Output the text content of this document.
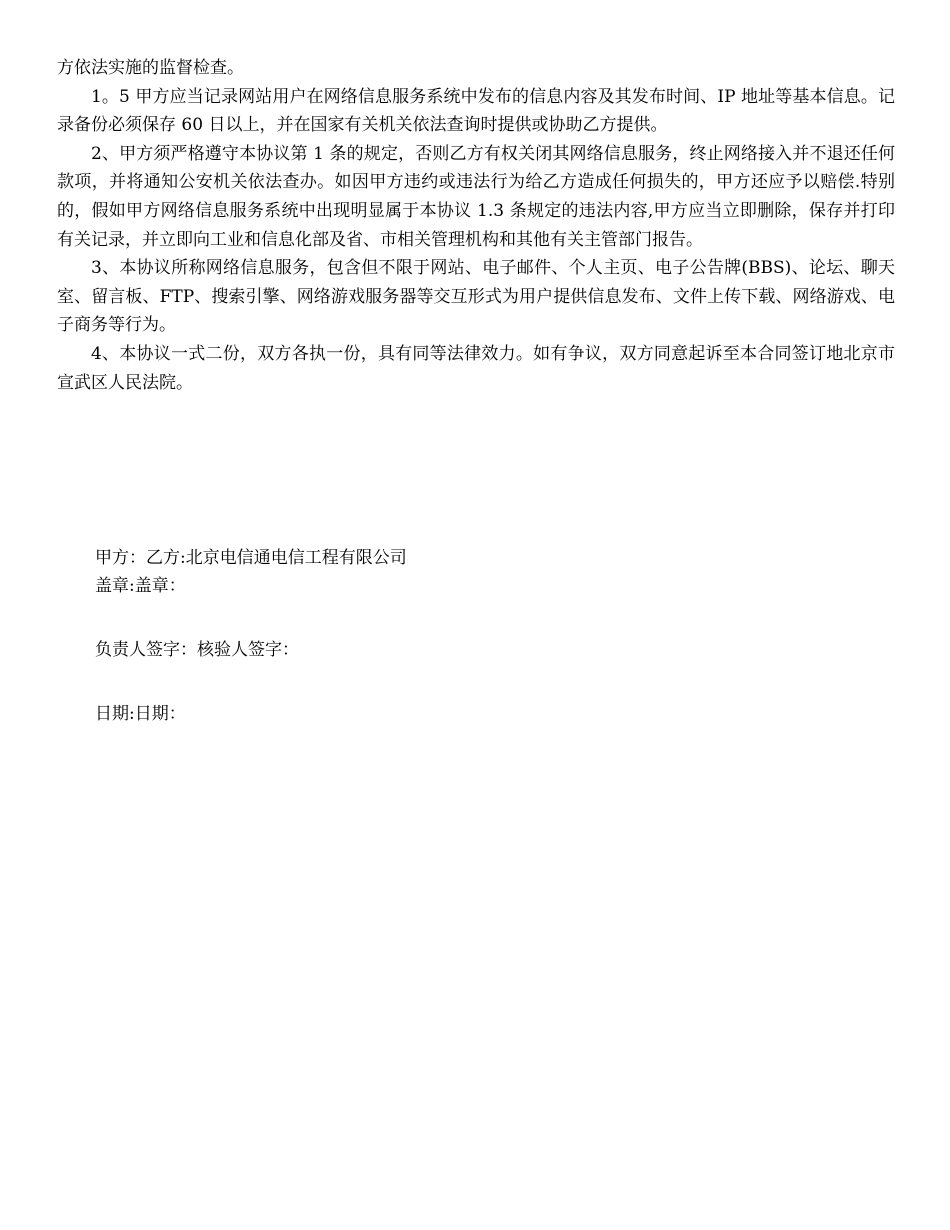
方依法实施的监督检查。

1。5 甲方应当记录网站用户在网络信息服务系统中发布的信息内容及其发布时间、IP 地址等基本信息。记录备份必须保存 60 日以上，并在国家有关机关依法查询时提供或协助乙方提供。

2、甲方须严格遵守本协议第 1 条的规定，否则乙方有权关闭其网络信息服务，终止网络接入并不退还任何款项，并将通知公安机关依法查办。如因甲方违约或违法行为给乙方造成任何损失的，甲方还应予以赔偿.特别的，假如甲方网络信息服务系统中出现明显属于本协议 1.3 条规定的违法内容,甲方应当立即删除，保存并打印有关记录，并立即向工业和信息化部及省、市相关管理机构和其他有关主管部门报告。

3、本协议所称网络信息服务，包含但不限于网站、电子邮件、个人主页、电子公告牌(BBS)、论坛、聊天室、留言板、FTP、搜索引擎、网络游戏服务器等交互形式为用户提供信息发布、文件上传下载、网络游戏、电子商务等行为。

4、本协议一式二份，双方各执一份，具有同等法律效力。如有争议，双方同意起诉至本合同签订地北京市宣武区人民法院。

甲方：乙方:北京电信通电信工程有限公司

盖章:盖章：

负责人签字：核验人签字：

日期:日期：
